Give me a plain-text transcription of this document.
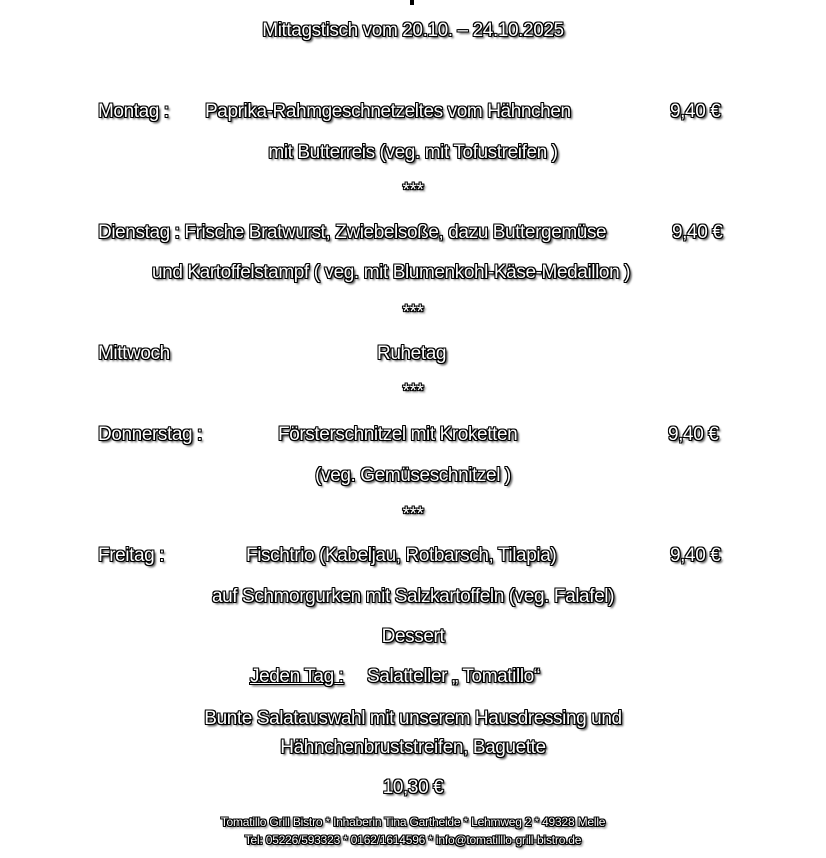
Mittagstisch vom 20.10. – 24.10.2025
Montag : Paprika-Rahmgeschnetzeltes vom Hähnchen	9,40 €
mit Butterreis (veg. mit Tofustreifen )
***
Dienstag : Frische Bratwurst, Zwiebelsoße, dazu Buttergemüse	9,40 €
und Kartoffelstampf ( veg. mit Blumenkohl-Käse-Medaillon )
***
Mittwoch	Ruhetag
***
Donnerstag :	Försterschnitzel mit Kroketten	9,40 €
(veg. Gemüseschnitzel )
***
Freitag :	Fischtrio (Kabeljau, Rotbarsch, Tilapia)	9,40 €
auf Schmorgurken mit Salzkartoffeln (veg. Falafel)
Dessert
Jeden Tag : Salatteller „ Tomatillo“
Bunte Salatauswahl mit unserem Hausdressing und
Hähnchenbruststreifen, Baguette
10,30 €
Tomatillo Grill Bistro * Inhaberin Tina Gartheide * Lehmweg 2 * 49328 Melle
Tel: 05226/593323 * 0162/1614596 * info@tomatilllo-grill-bistro.de
